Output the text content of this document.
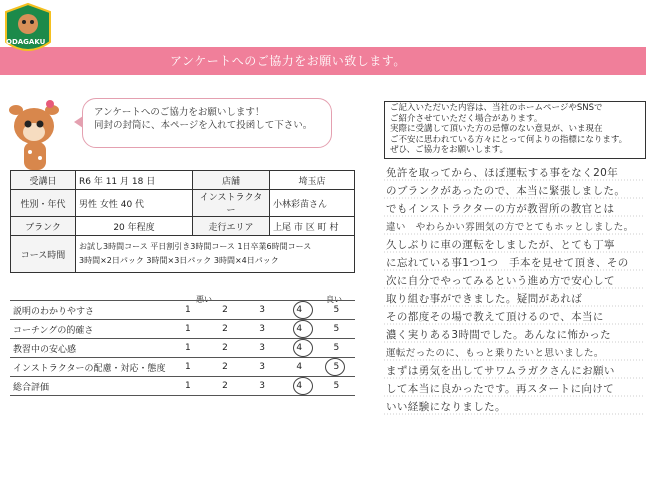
アンケートへのご協力をお願い致します。
ODAGAKU
アンケートへのご協力をお願いします！
同封の封筒に、本ページを入れて投函して下さい。
受講日	R6 年 11 月 18 日	店舗	埼玉店
性別・年代	男性 女性 40 代	インストラクター	小林彩苗さん
ブランク	20 年程度	走行エリア	上尾 市 区 町 村
コース時間	お試し3時間コース 平日割引き3時間コース 1日卒業6時間コース
3時間×2日パック 3時間×3日パック 3時間×4日パック		
悪い	良い
説明のわかりやすさ	1	2	3	4	5
コーチングの的確さ	1	2	3	4	5
教習中の安心感	1	2	3	4	5
インストラクターの配慮・対応・態度	1	2	3	4	5
総合評価	1	2	3	4	5
ご記入いただいた内容は、当社のホームページやSNSで
ご紹介させていただく場合があります。
実際に受講して頂いた方の忌憚のない意見が、いま現在
ご不安に思われている方々にとって何よりの指標になります。
ぜひ、ご協力をお願いします。
免許を取ってから、ほぼ運転する事をなく20年
のブランクがあったので、本当に緊張しました。
でもインストラクターの方が教習所の教官とは
違い　やわらかい雰囲気の方でとてもホッとしました。
久しぶりに車の運転をしましたが、とても丁寧
に忘れている事1つ1つ　手本を見せて頂き、その
次に自分でやってみるという進め方で安心して
取り組む事ができました。疑問があれば
その都度その場で教えて頂けるので、本当に
濃く実りある3時間でした。あんなに怖かった
運転だったのに、もっと乗りたいと思いました。
まずは勇気を出してサワムラガクさんにお願い
して本当に良かったです。再スタートに向けて
いい経験になりました。
